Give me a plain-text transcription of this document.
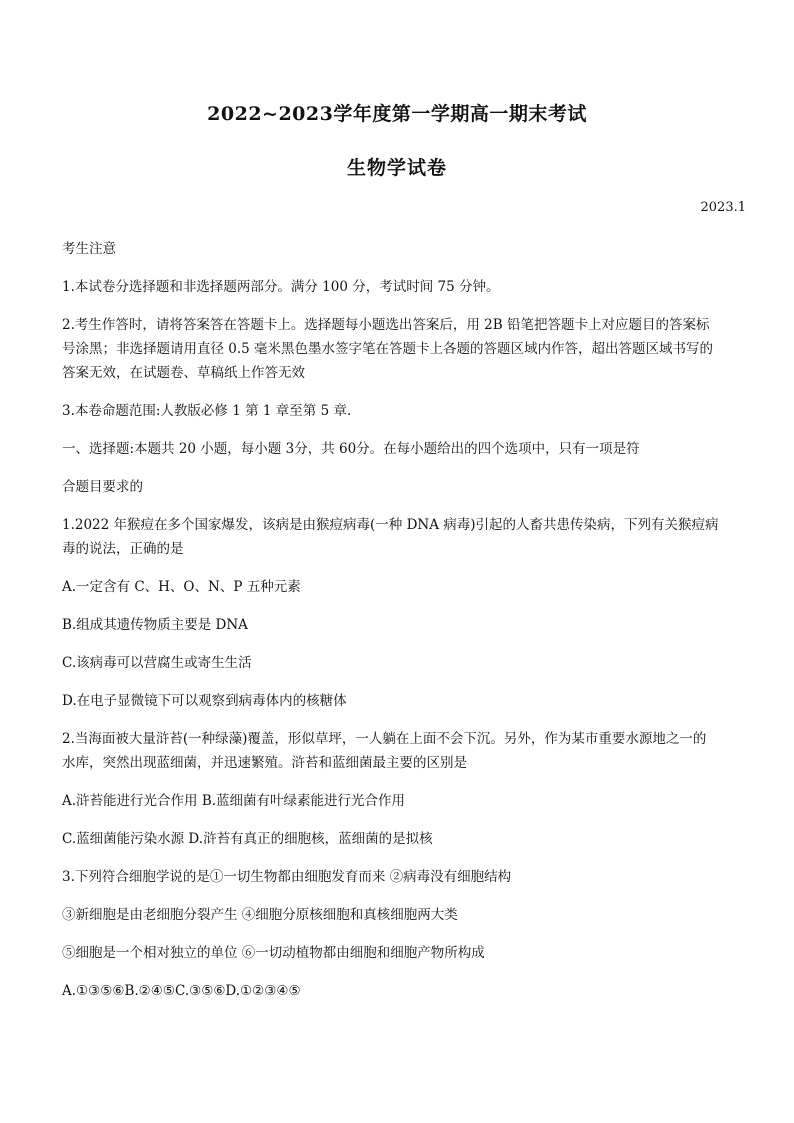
2022~2023学年度第一学期高一期末考试
生物学试卷
2023.1

考生注意

1.本试卷分选择题和非选择题两部分。满分 100 分，考试时间 75 分钟。

2.考生作答时，请将答案答在答题卡上。选择题每小题选出答案后，用 2B 铅笔把答题卡上对应题目的答案标
号涂黑；非选择题请用直径 0.5 毫米黑色墨水签字笔在答题卡上各题的答题区域内作答，超出答题区域书写的
答案无效，在试题卷、草稿纸上作答无效

3.本卷命题范围:人教版必修 1 第 1 章至第 5 章.

一、选择题:本题共 20 小题，每小题 3分，共 60分。在每小题给出的四个选项中，只有一项是符

合题目要求的

1.2022 年猴痘在多个国家爆发，该病是由猴痘病毒(一种 DNA 病毒)引起的人畜共患传染病，下列有关猴痘病
毒的说法，正确的是

A.一定含有 C、H、O、N、P 五种元素

B.组成其遗传物质主要是 DNA

C.该病毒可以营腐生或寄生生活

D.在电子显微镜下可以观察到病毒体内的核糖体

2.当海面被大量浒苔(一种绿藻)覆盖，形似草坪，一人躺在上面不会下沉。另外，作为某市重要水源地之一的
水库，突然出现蓝细菌，并迅速繁殖。浒苔和蓝细菌最主要的区别是

A.浒苔能进行光合作用 B.蓝细菌有叶绿素能进行光合作用

C.蓝细菌能污染水源 D.浒苔有真正的细胞核，蓝细菌的是拟核

3.下列符合细胞学说的是①一切生物都由细胞发育而来 ②病毒没有细胞结构

③新细胞是由老细胞分裂产生 ④细胞分原核细胞和真核细胞两大类

⑤细胞是一个相对独立的单位 ⑥一切动植物都由细胞和细胞产物所构成

A.①③⑤⑥B.②④⑤C.③⑤⑥D.①②③④⑤
